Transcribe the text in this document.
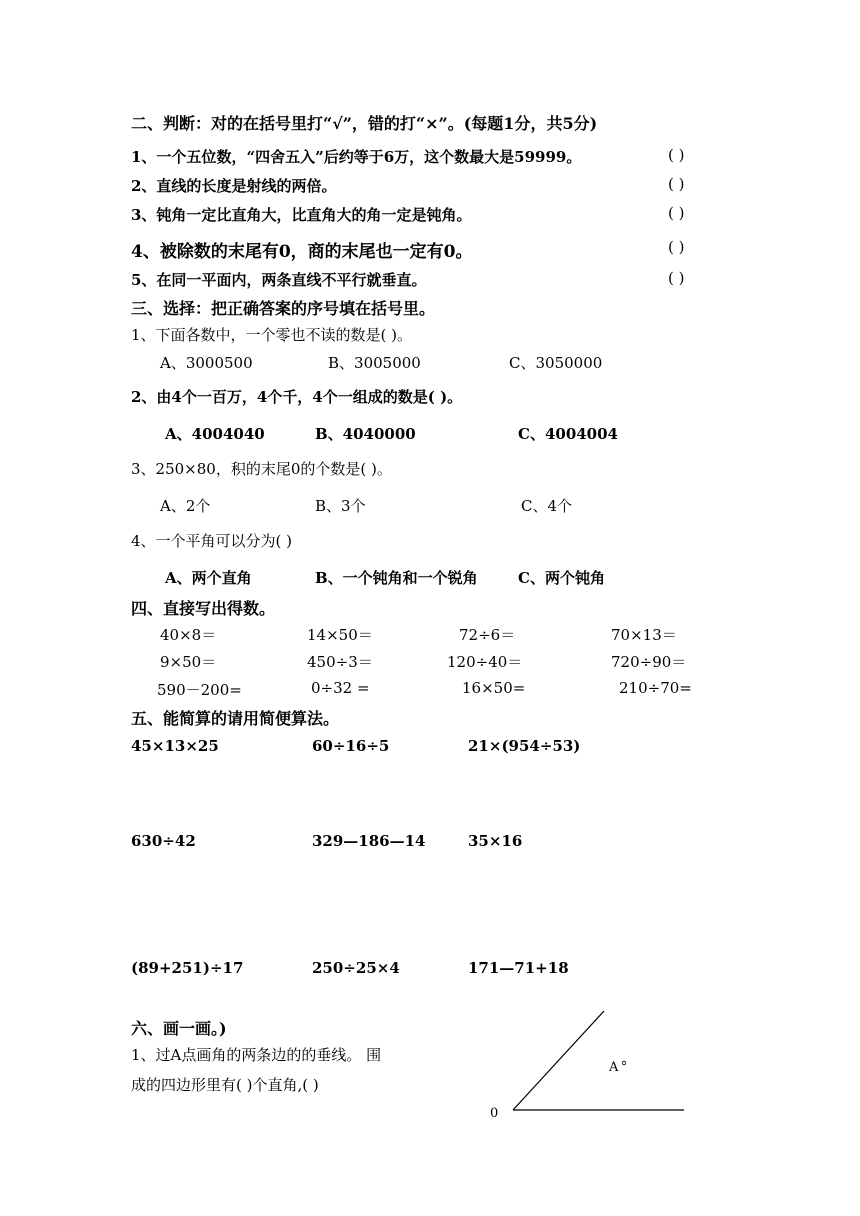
二、判断：对的在括号里打“√”，错的打“×”。(每题1分，共5分)
1、一个五位数，“四舍五入”后约等于6万，这个数最大是59999。	( )
2、直线的长度是射线的两倍。	( )
3、钝角一定比直角大，比直角大的角一定是钝角。	( )
4、被除数的末尾有0，商的末尾也一定有0。	( )
5、在同一平面内，两条直线不平行就垂直。	( )
三、选择：把正确答案的序号填在括号里。
1、下面各数中，一个零也不读的数是( )。
A、3000500	B、3005000	C、3050000
2、由4个一百万，4个千，4个一组成的数是( )。
A、4004040	B、4040000	C、4004004
3、250×80，积的末尾0的个数是( )。
A、2个	B、3个	C、4个
4、一个平角可以分为( )
A、两个直角	B、一个钝角和一个锐角	C、两个钝角
四、直接写出得数。
40×8＝	14×50＝	72÷6＝	70×13＝
9×50＝	450÷3＝	120÷40＝	720÷90＝
590－200=	0÷32 =	16×50=	210÷70=
五、能简算的请用简便算法。
45×13×25	60÷16÷5	21×(954÷53)
630÷42	329—186—14	35×16
(89+251)÷17	250÷25×4	171—71+18
六、画一画。)
1、过A点画角的两条边的的垂线。 围
成的四边形里有( )个直角,( )
A
0
